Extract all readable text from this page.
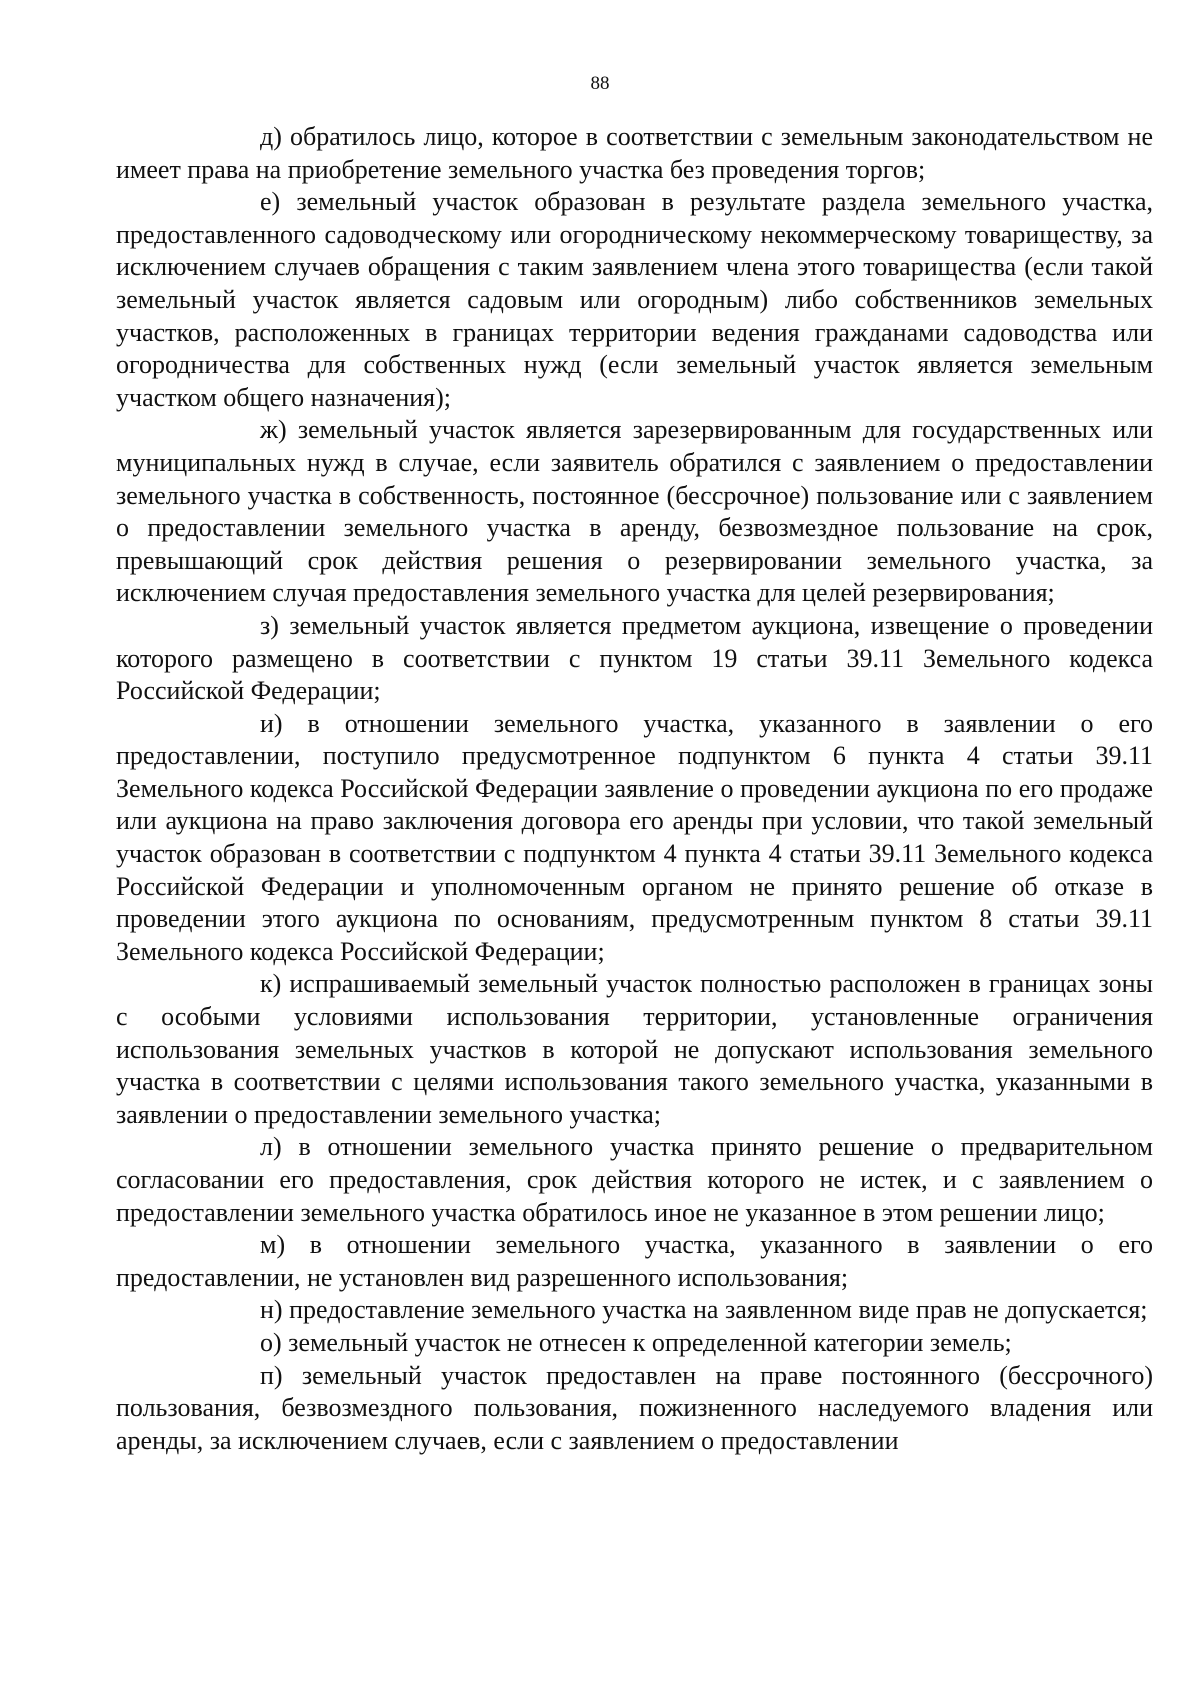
88

д) обратилось лицо, которое в соответствии с земельным законодательством не имеет права на приобретение земельного участка без проведения торгов;

е) земельный участок образован в результате раздела земельного участка, предоставленного садоводческому или огородническому некоммерческому товариществу, за исключением случаев обращения с таким заявлением члена этого товарищества (если такой земельный участок является садовым или огородным) либо собственников земельных участков, расположенных в границах территории ведения гражданами садоводства или огородничества для собственных нужд (если земельный участок является земельным участком общего назначения);

ж) земельный участок является зарезервированным для государственных или муниципальных нужд в случае, если заявитель обратился с заявлением о предоставлении земельного участка в собственность, постоянное (бессрочное) пользование или с заявлением о предоставлении земельного участка в аренду, безвозмездное пользование на срок, превышающий срок действия решения о резервировании земельного участка, за исключением случая предоставления земельного участка для целей резервирования;

з) земельный участок является предметом аукциона, извещение о проведении которого размещено в соответствии с пунктом 19 статьи 39.11 Земельного кодекса Российской Федерации;

и) в отношении земельного участка, указанного в заявлении о его предоставлении, поступило предусмотренное подпунктом 6 пункта 4 статьи 39.11 Земельного кодекса Российской Федерации заявление о проведении аукциона по его продаже или аукциона на право заключения договора его аренды при условии, что такой земельный участок образован в соответствии с подпунктом 4 пункта 4 статьи 39.11 Земельного кодекса Российской Федерации и уполномоченным органом не принято решение об отказе в проведении этого аукциона по основаниям, предусмотренным пунктом 8 статьи 39.11 Земельного кодекса Российской Федерации;

к) испрашиваемый земельный участок полностью расположен в границах зоны с особыми условиями использования территории, установленные ограничения использования земельных участков в которой не допускают использования земельного участка в соответствии с целями использования такого земельного участка, указанными в заявлении о предоставлении земельного участка;

л) в отношении земельного участка принято решение о предварительном согласовании его предоставления, срок действия которого не истек, и с заявлением о предоставлении земельного участка обратилось иное не указанное в этом решении лицо;

м) в отношении земельного участка, указанного в заявлении о его предоставлении, не установлен вид разрешенного использования;

н) предоставление земельного участка на заявленном виде прав не допускается;

о) земельный участок не отнесен к определенной категории земель;

п) земельный участок предоставлен на праве постоянного (бессрочного) пользования, безвозмездного пользования, пожизненного наследуемого владения или аренды, за исключением случаев, если с заявлением о предоставлении
